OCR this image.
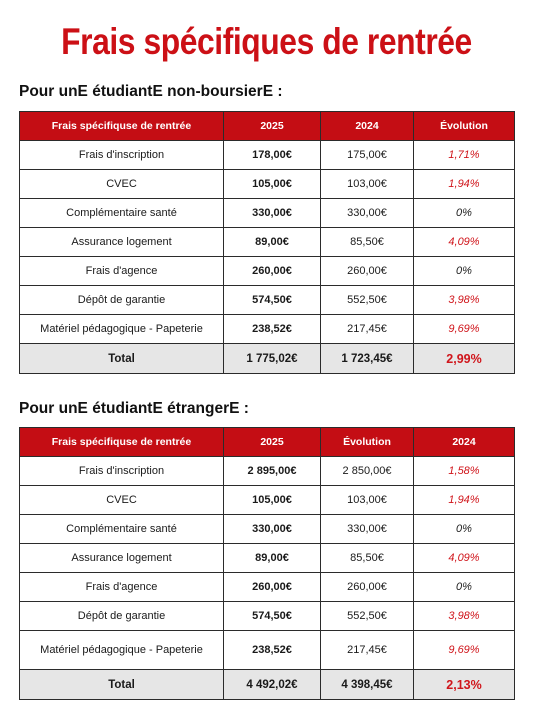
Frais spécifiques de rentrée
Pour unE étudiantE non-boursierE :
Frais spécifiquse de rentrée	2025	2024	Évolution
Frais d'inscription	178,00€	175,00€	1,71%
CVEC	105,00€	103,00€	1,94%
Complémentaire santé	330,00€	330,00€	0%
Assurance logement	89,00€	85,50€	4,09%
Frais d'agence	260,00€	260,00€	0%
Dépôt de garantie	574,50€	552,50€	3,98%
Matériel pédagogique - Papeterie	238,52€	217,45€	9,69%
Total	1 775,02€	1 723,45€	2,99%
Pour unE étudiantE étrangerE :
Frais spécifiquse de rentrée	2025	Évolution	2024
Frais d'inscription	2 895,00€	2 850,00€	1,58%
CVEC	105,00€	103,00€	1,94%
Complémentaire santé	330,00€	330,00€	0%
Assurance logement	89,00€	85,50€	4,09%
Frais d'agence	260,00€	260,00€	0%
Dépôt de garantie	574,50€	552,50€	3,98%
Matériel pédagogique - Papeterie	238,52€	217,45€	9,69%
Total	4 492,02€	4 398,45€	2,13%
